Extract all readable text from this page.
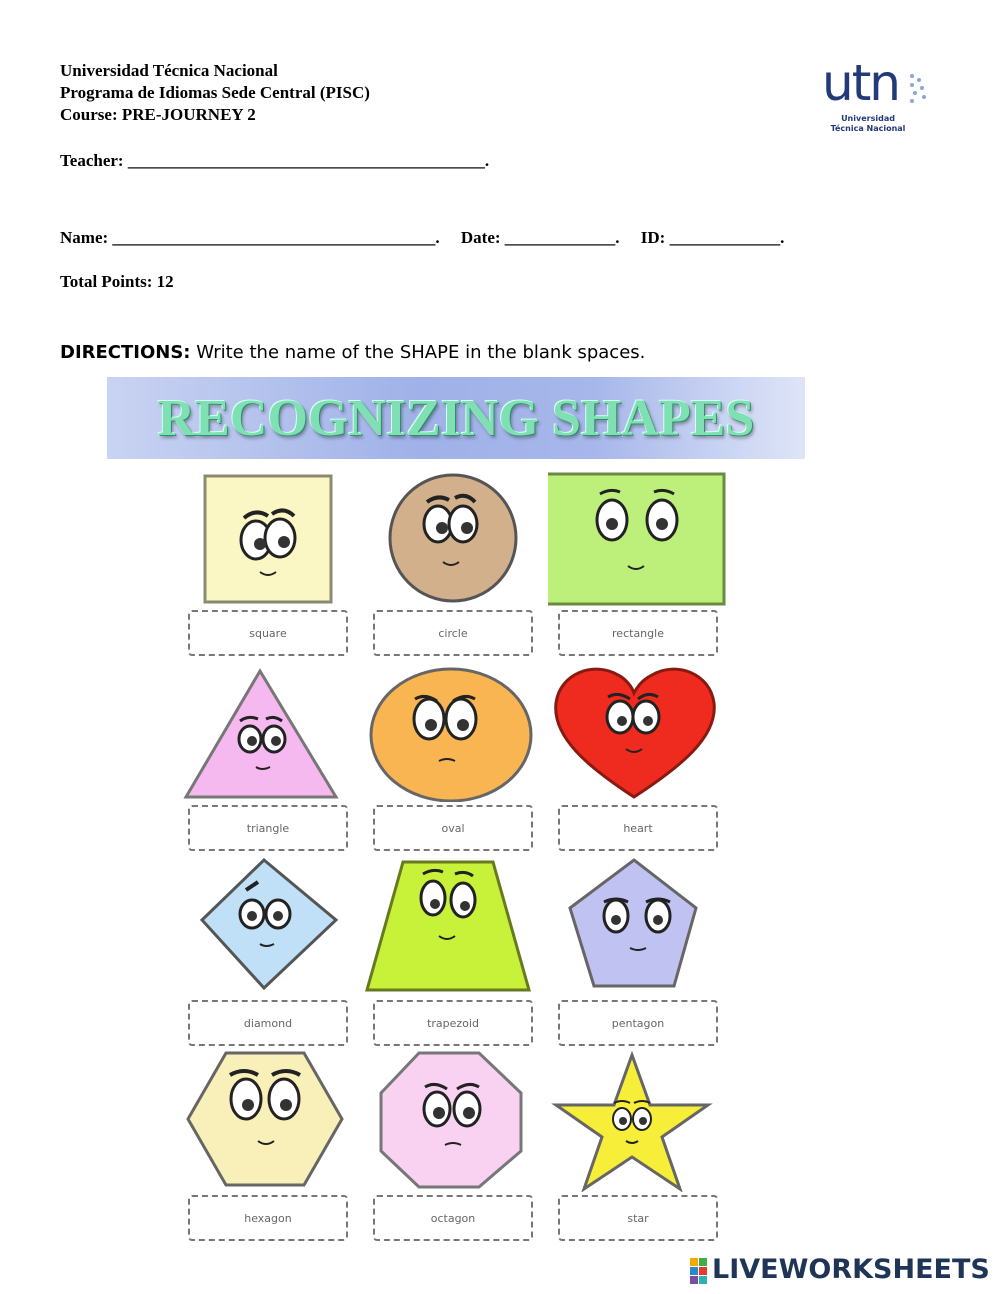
Universidad Técnica Nacional
Programa de Idiomas Sede Central (PISC)
Course: PRE-JOURNEY 2
Teacher: __________________________________________.
utn
Universidad
Técnica Nacional
Name: ______________________________________.     Date: _____________.     ID: _____________.
Total Points: 12
DIRECTIONS: Write the name of the SHAPE in the blank spaces.
RECOGNIZING SHAPES
square	circle	rectangle
triangle	oval	heart
diamond	trapezoid	pentagon
hexagon	octagon	star
LIVEWORKSHEETS
